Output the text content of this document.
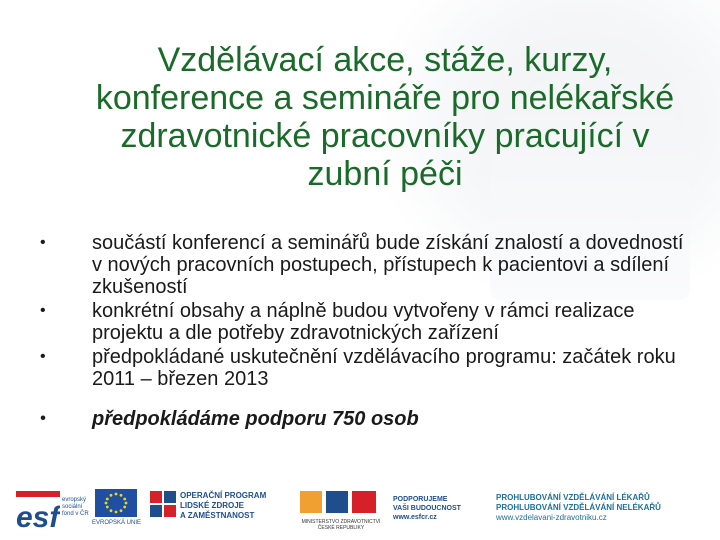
Vzdělávací akce, stáže, kurzy, konference a semináře pro nelékařské zdravotnické pracovníky pracující v zubní péči
• součástí konferencí a seminářů bude získání znalostí a dovedností v nových pracovních postupech, přístupech k pacientovi a sdílení zkušeností
• konkrétní obsahy a náplně budou vytvořeny v rámci realizace projektu a dle potřeby zdravotnických zařízení
• předpokládané uskutečnění vzdělávacího programu: začátek roku 2011 – březen 2013
• předpokládáme podporu 750 osob
esf
evropský
sociální
fond v ČR
EVROPSKÁ UNIE
OPERAČNÍ PROGRAM
LIDSKÉ ZDROJE
A ZAMĚSTNANOST
MINISTERSTVO ZDRAVOTNICTVÍ
ČESKÉ REPUBLIKY
PODPORUJEME
VAŠI BUDOUCNOST
www.esfcr.cz
PROHLUBOVÁNÍ VZDĚLÁVÁNÍ LÉKAŘŮ
PROHLUBOVÁNÍ VZDĚLÁVÁNÍ NELÉKAŘŮ
www.vzdelavani-zdravotniku.cz
